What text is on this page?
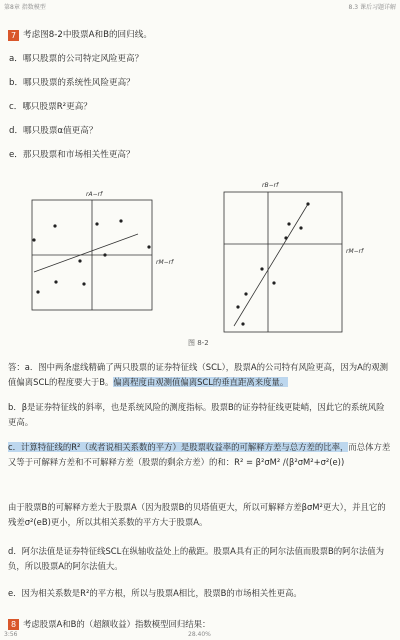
第8章 指数模型	8.3 课后习题详解
7 考虑图8-2中股票A和B的回归线。
a．哪只股票的公司特定风险更高？
b．哪只股票的系统性风险更高？
c．哪只股票R²更高？
d．哪只股票α值更高？
e．那只股票和市场相关性更高？
rA−rf
rM−rf
rB−rf
rM−rf
图 8-2
答：a．图中两条虚线精确了两只股票的证券特征线（SCL），股票A的公司特有风险更高，因为A的观测值偏离SCL的程度要大于B。偏离程度由观测值偏离SCL的垂直距离来度量。
b．β是证券特征线的斜率，也是系统风险的测度指标。股票B的证券特征线更陡峭，因此它的系统风险更高。
c．计算特征线的R²（或者说相关系数的平方）是股票收益率的可解释方差与总方差的比率，而总体方差又等于可解释方差和不可解释方差（股票的剩余方差）的和：R² = β²σM² /(β²σM²+σ²(e))
由于股票B的可解释方差大于股票A（因为股票B的贝塔值更大，所以可解释方差βσM²更大），并且它的残差σ²(eB)更小，所以其相关系数的平方大于股票A。
d．阿尔法值是证券特征线SCL在纵轴收益处上的截距。股票A具有正的阿尔法值而股票B的阿尔法值为负，所以股票A的阿尔法值大。
e．因为相关系数是R²的平方根，所以与股票A相比，股票B的市场相关性更高。
8 考虑股票A和B的（超额收益）指数模型回归结果：
3:56	28.40%
